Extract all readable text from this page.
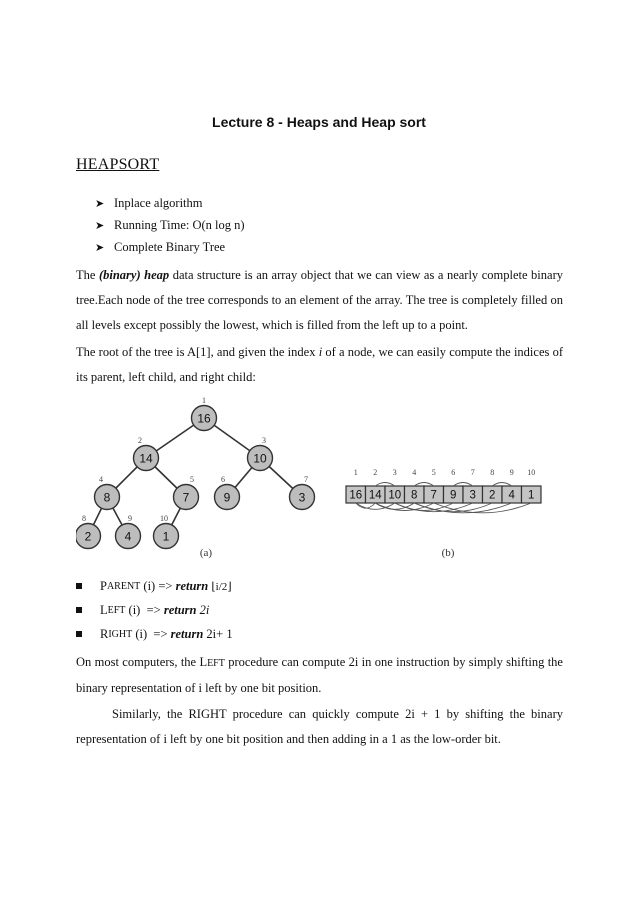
Lecture 8 - Heaps and Heap sort
HEAPSORT
➤ Inplace algorithm
➤ Running Time: O(n log n)
➤ Complete Binary Tree
The (binary) heap data structure is an array object that we can view as a nearly complete binary
tree.Each node of the tree corresponds to an element of the array. The tree is completely filled on
all levels except possibly the lowest, which is filled from the left up to a point.
The root of the tree is A[1], and given the index i of a node, we can easily compute the indices of
its parent, left child, and right child:
16
1
14
2
10
3
8
4
7
5
9
6
3
7
2
8
4
9
1
10
16
1
14
2
10
3
8
4
7
5
9
6
3
7
2
8
4
9
1
10
(a)	(b)
P ARENT (i) => return
⌊i/2⌋
L EFT (i)  => return 2i
R IGHT (i)  => return 2i+ 1
On most computers, the LEFT procedure can compute 2i in one instruction by simply shifting the
binary representation of i left by one bit position.
Similarly, the RIGHT procedure can quickly compute 2i + 1 by shifting the binary
representation of i left by one bit position and then adding in a 1 as the low-order bit.
